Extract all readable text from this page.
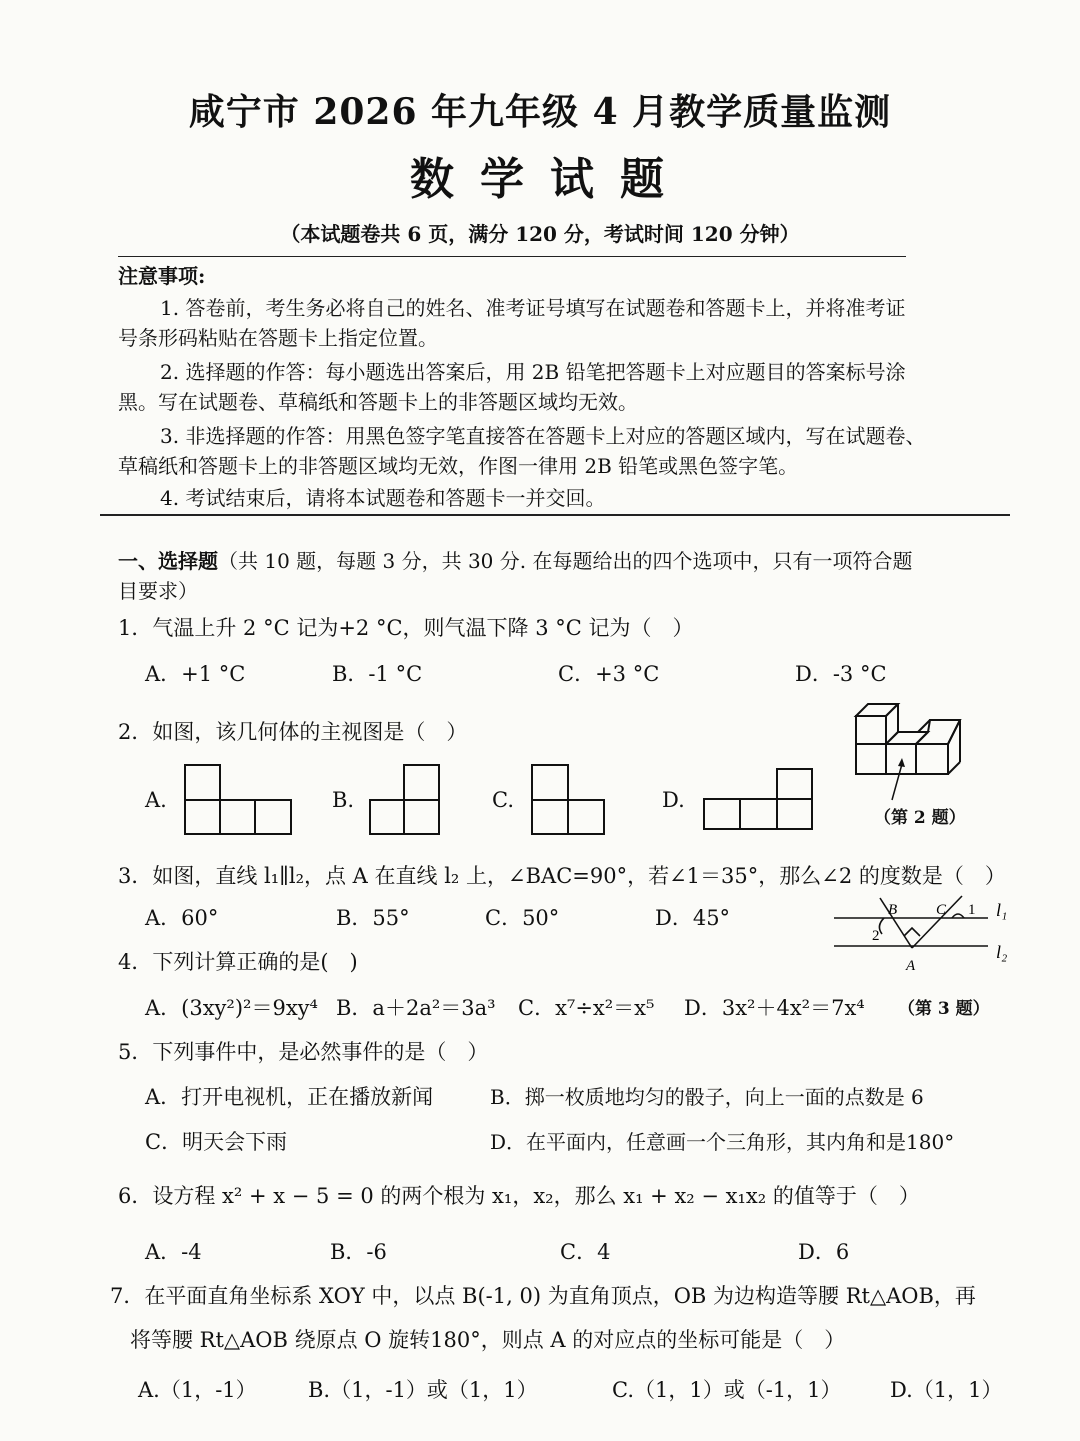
咸宁市 2026 年九年级 4 月教学质量监测
数学试题
（本试题卷共 6 页，满分 120 分，考试时间 120 分钟）
注意事项:
1. 答卷前，考生务必将自己的姓名、准考证号填写在试题卷和答题卡上，并将准考证
号条形码粘贴在答题卡上指定位置。
2. 选择题的作答：每小题选出答案后，用 2B 铅笔把答题卡上对应题目的答案标号涂
黑。写在试题卷、草稿纸和答题卡上的非答题区域均无效。
3. 非选择题的作答：用黑色签字笔直接答在答题卡上对应的答题区域内，写在试题卷、
草稿纸和答题卡上的非答题区域均无效，作图一律用 2B 铅笔或黑色签字笔。
4. 考试结束后，请将本试题卷和答题卡一并交回。
一、选择题（共 10 题，每题 3 分，共 30 分. 在每题给出的四个选项中，只有一项符合题
目要求）
1．气温上升 2 °C 记为+2 °C，则气温下降 3 °C 记为（　）
A．+1 °C	B．-1 °C	C．+3 °C	D．-3 °C
2．如图，该几何体的主视图是（　）
A.	B.	C.	D.
（第 2 题）
3．如图，直线 l₁∥l₂，点 A 在直线 l₂ 上，∠BAC=90°，若∠1＝35°，那么∠2 的度数是（　）
A．60°	B．55°	C．50°	D．45°	B	C 1
2
A
l₁
l₂
4．下列计算正确的是(　)
A．(3xy²)²＝9xy⁴ B．a＋2a²＝3a³ C．x⁷÷x²＝x⁵ D．3x²＋4x²＝7x⁴ （第 3 题）
5．下列事件中，是必然事件的是（　）
A．打开电视机，正在播放新闻	B．掷一枚质地均匀的骰子，向上一面的点数是 6
C．明天会下雨	D．在平面内，任意画一个三角形，其内角和是180°
6．设方程 x² + x − 5 = 0 的两个根为 x₁，x₂，那么 x₁ + x₂ − x₁x₂ 的值等于（　）
A．-4	B．-6	C．4	D．6
7．在平面直角坐标系 XOY 中，以点 B(-1, 0) 为直角顶点，OB 为边构造等腰 Rt△AOB，再
将等腰 Rt△AOB 绕原点 O 旋转180°，则点 A 的对应点的坐标可能是（　）
A.（1，-1） B.（1，-1）或（1，1）	C.（1，1）或（-1，1） D.（1，1）
